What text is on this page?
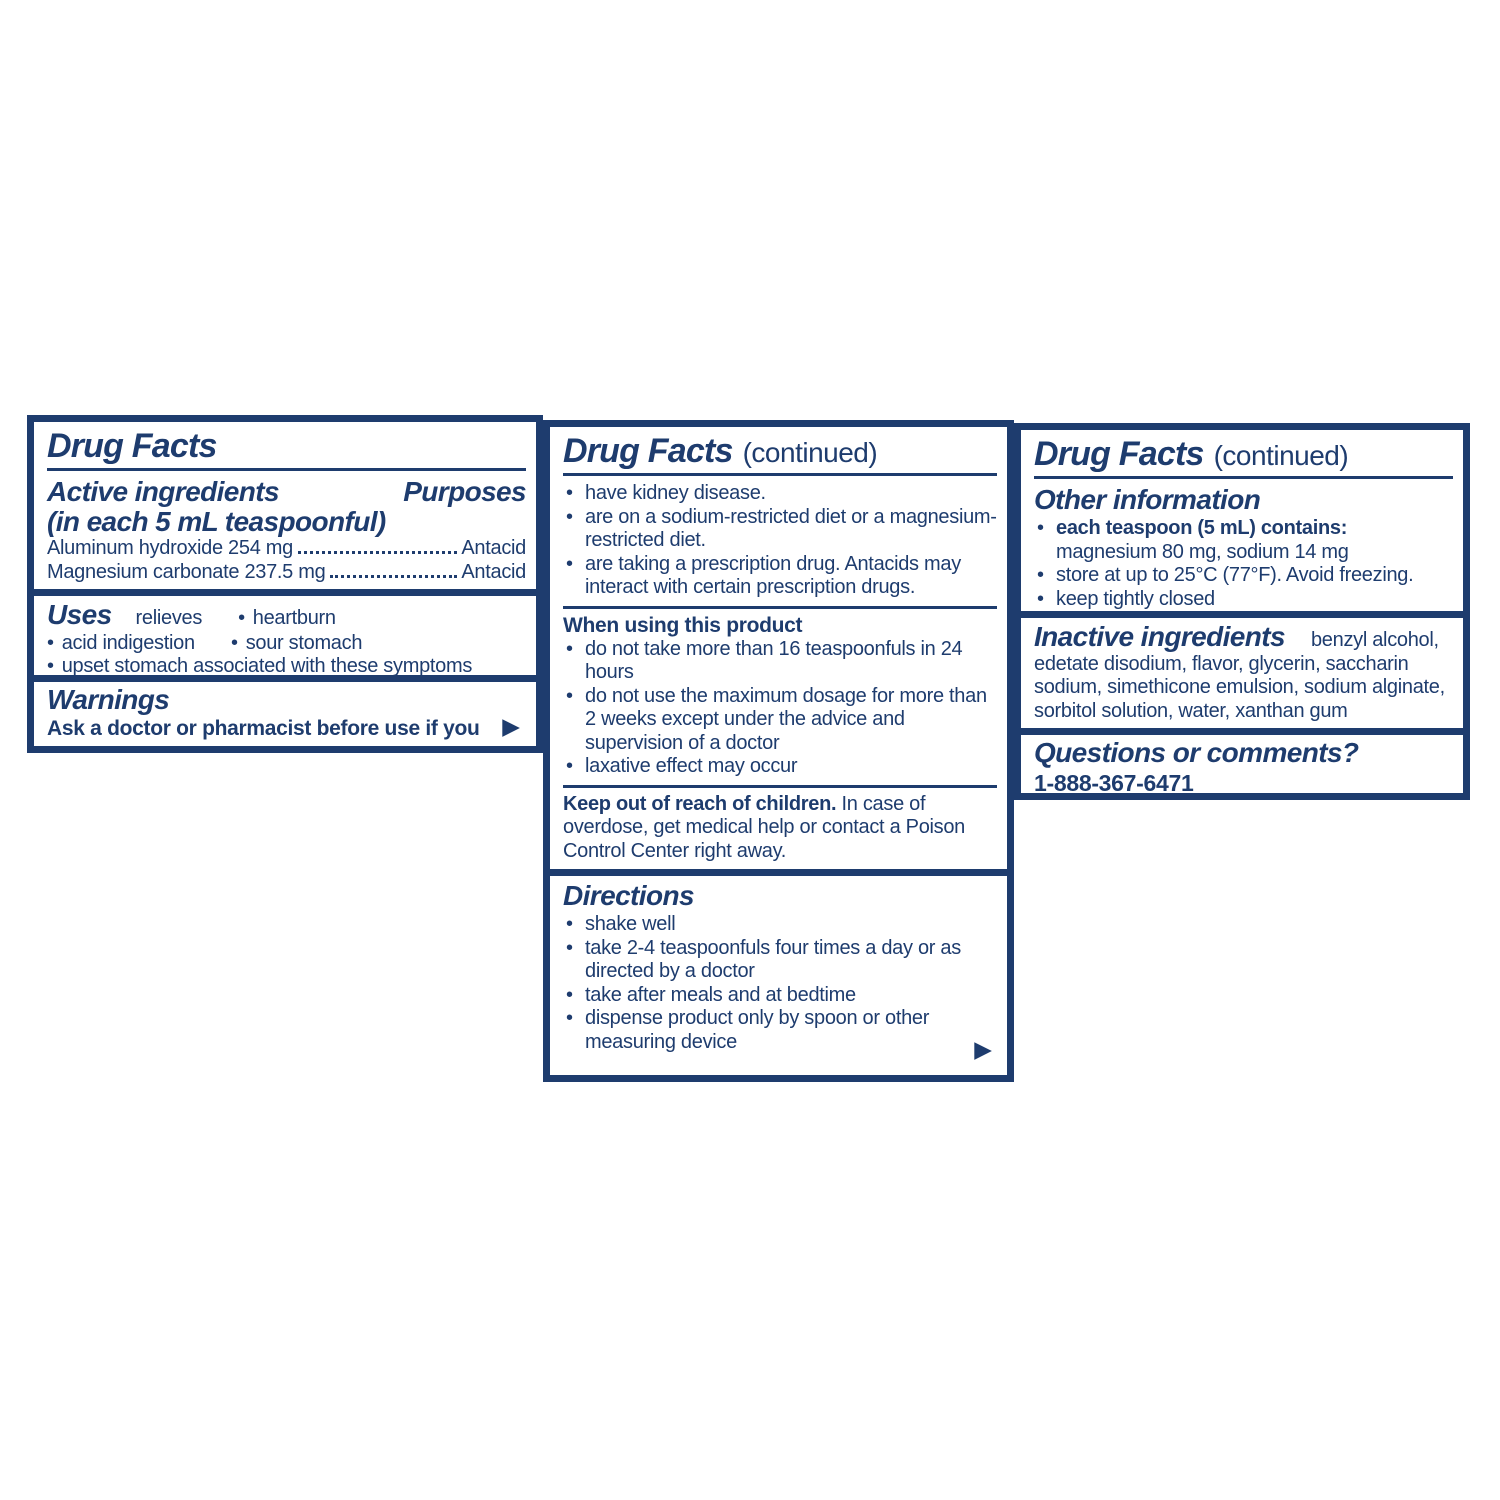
Drug Facts
Active ingredients	Purposes
(in each 5 mL teaspoonful)
Aluminum hydroxide 254 mg	Antacid
Magnesium carbonate 237.5 mg	Antacid
Uses relieves	• heartburn
• acid indigestion	• sour stomach
• upset stomach associated with these symptoms
Warnings
Ask a doctor or pharmacist before use if you ▶
Drug Facts (continued)
• have kidney disease.
• are on a sodium-restricted diet or a magnesium-restricted diet.
• are taking a prescription drug. Antacids may interact with certain prescription drugs.
When using this product
• do not take more than 16 teaspoonfuls in 24 hours
• do not use the maximum dosage for more than 2 weeks except under the advice and supervision of a doctor
• laxative effect may occur

Keep out of reach of children. In case of overdose, get medical help or contact a Poison Control Center right away.

Directions
• shake well
• take 2-4 teaspoonfuls four times a day or as directed by a doctor
• take after meals and at bedtime
• dispense product only by spoon or other measuring device	▶
Drug Facts (continued)
Other information
• each teaspoon (5 mL) contains:
magnesium 80 mg, sodium 14 mg
• store at up to 25°C (77°F). Avoid freezing.
• keep tightly closed

Inactive ingredients benzyl alcohol, edetate disodium, flavor, glycerin, saccharin sodium, simethicone emulsion, sodium alginate, sorbitol solution, water, xanthan gum

Questions or comments?
1-888-367-6471
